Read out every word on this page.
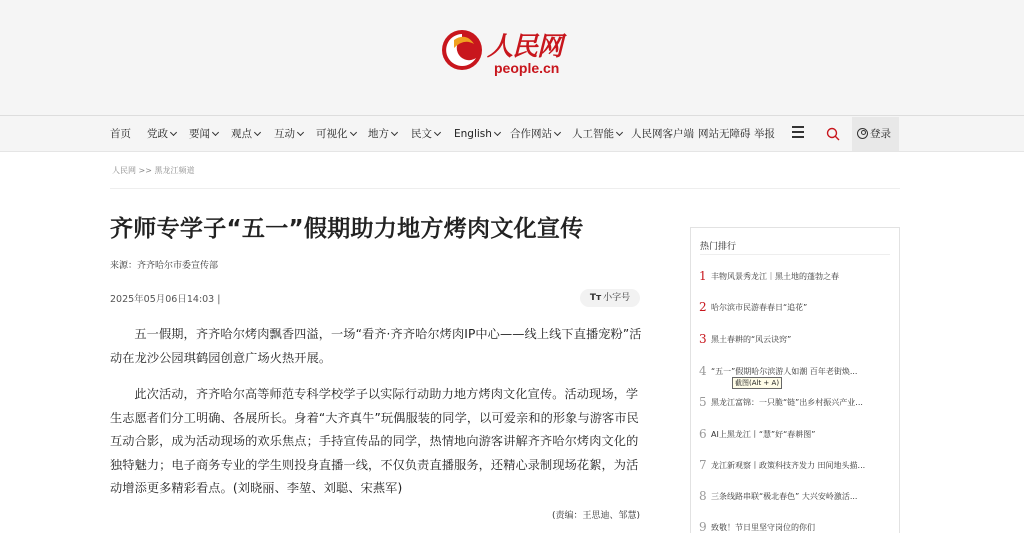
人民网
people.cn
首页 党政	要闻	观点	互动	可视化	地方	民文	English	合作网站	人工智能	人民网客户端 网站无障碍 举报	登录
人民网 >> 黑龙江频道
齐师专学子“五一”假期助力地方烤肉文化宣传
来源：齐齐哈尔市委宣传部
2025年05月06日14:03 |	Tт 小字号

五一假期，齐齐哈尔烤肉飘香四溢，一场“看齐·齐齐哈尔烤肉IP中心——线上线下直播宠粉”活动在龙沙公园琪鹤园创意广场火热开展。

此次活动，齐齐哈尔高等师范专科学校学子以实际行动助力地方烤肉文化宣传。活动现场，学生志愿者们分工明确、各展所长。身着“大齐真牛”玩偶服装的同学，以可爱亲和的形象与游客市民互动合影，成为活动现场的欢乐焦点；手持宣传品的同学，热情地向游客讲解齐齐哈尔烤肉文化的独特魅力；电子商务专业的学生则投身直播一线，不仅负责直播服务，还精心录制现场花絮，为活动增添更多精彩看点。(刘晓丽、李堃、刘聪、宋燕军)

(责编：王思迪、邹慧)
热门排行
1 丰物风景秀龙江｜黑土地的蓬勃之春
2 哈尔滨市民游春春日“追花”
3 黑土春耕的“风云诀窍”
4 “五一”假期哈尔滨游人如潮 百年老街焕...
5 黑龙江富锦：一只脆“链”出乡村振兴产业...
6 AI上黑龙江丨“慧”好“春耕图”
7 龙江新观察丨政策科技齐发力 田间地头描...
8 三条线路串联“极北春色” 大兴安岭激活...
9 致敬！节日里坚守岗位的你们
截图(Alt + A)
